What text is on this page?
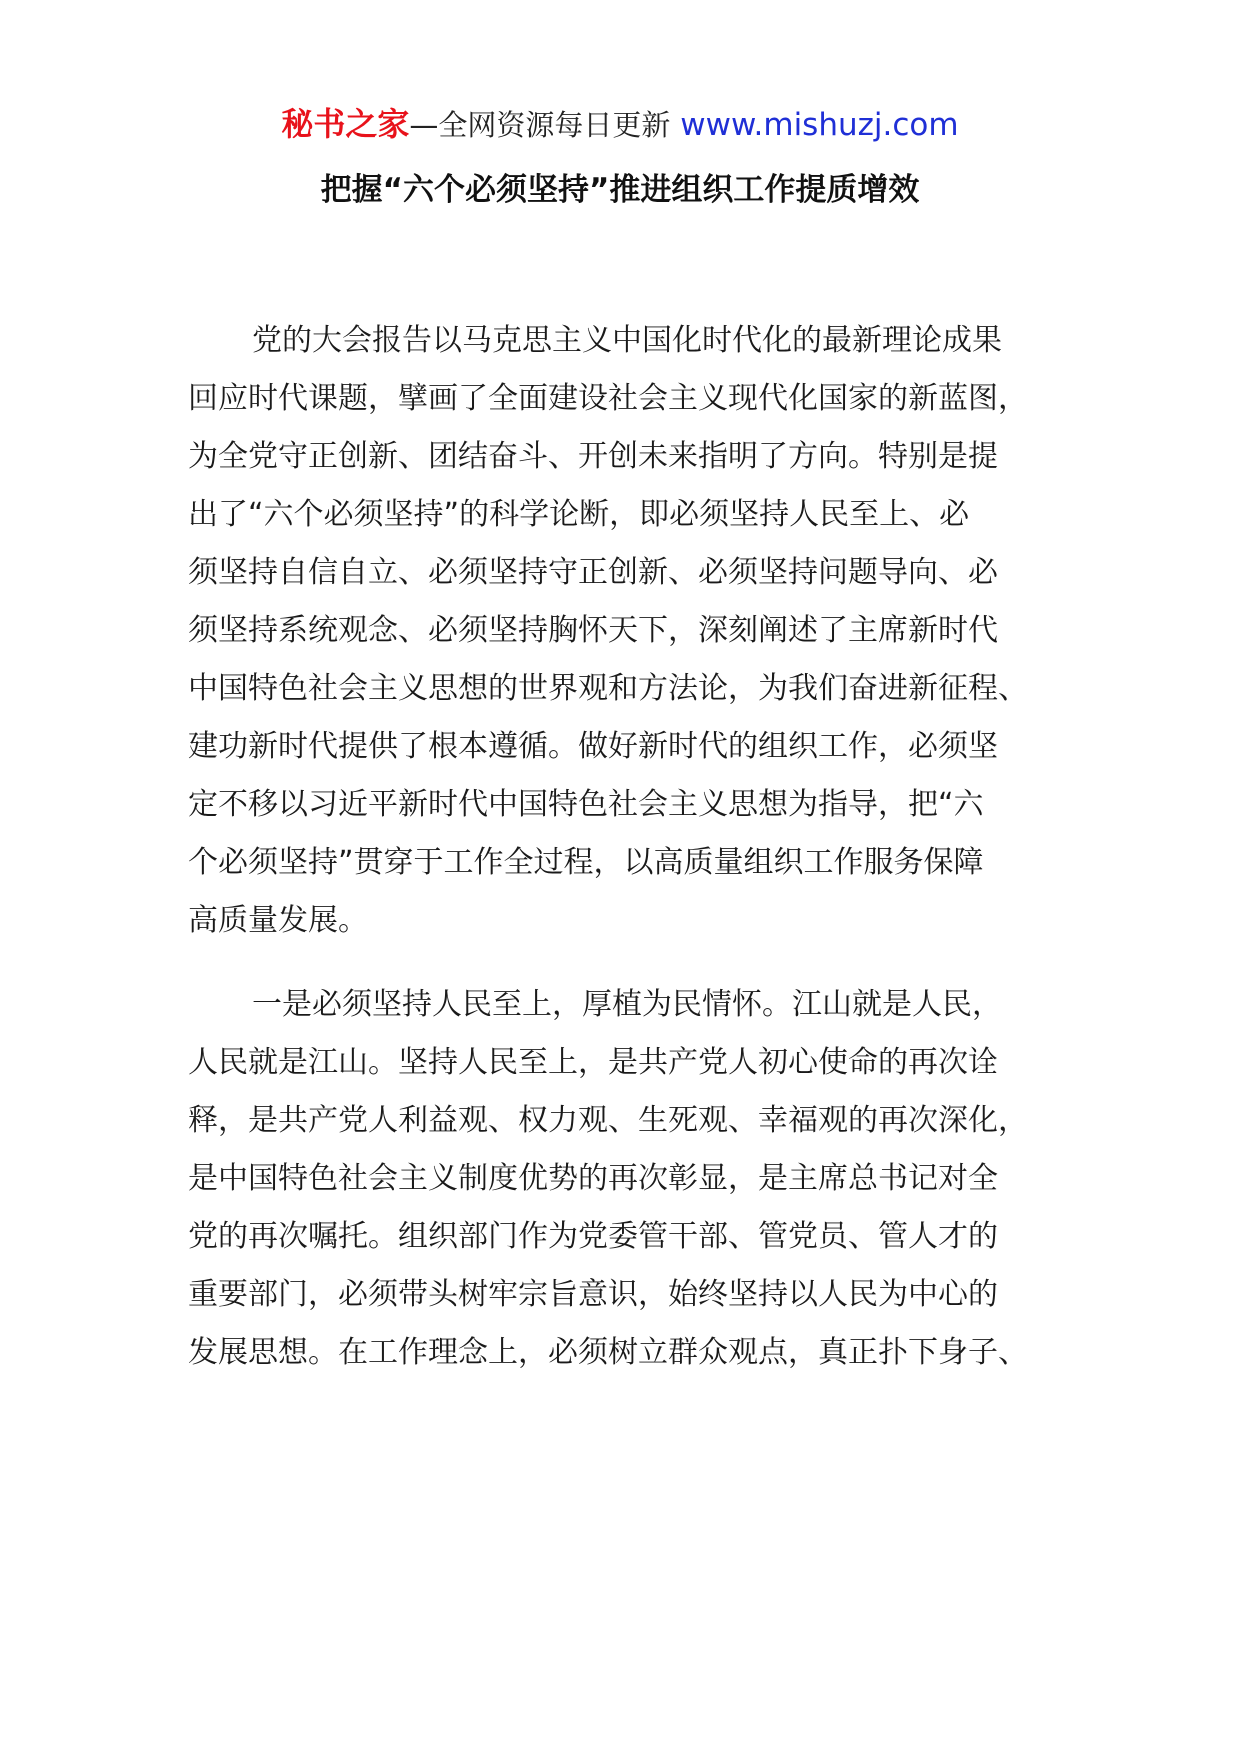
秘书之家—全网资源每日更新 www.mishuzj.com
把握“六个必须坚持”推进组织工作提质增效
党的大会报告以马克思主义中国化时代化的最新理论成果
回应时代课题，擘画了全面建设社会主义现代化国家的新蓝图，
为全党守正创新、团结奋斗、开创未来指明了方向。特别是提
出了“六个必须坚持”的科学论断，即必须坚持人民至上、必
须坚持自信自立、必须坚持守正创新、必须坚持问题导向、必
须坚持系统观念、必须坚持胸怀天下，深刻阐述了主席新时代
中国特色社会主义思想的世界观和方法论，为我们奋进新征程、
建功新时代提供了根本遵循。做好新时代的组织工作，必须坚
定不移以习近平新时代中国特色社会主义思想为指导，把“六
个必须坚持”贯穿于工作全过程，以高质量组织工作服务保障
高质量发展。
一是必须坚持人民至上，厚植为民情怀。江山就是人民，
人民就是江山。坚持人民至上，是共产党人初心使命的再次诠
释，是共产党人利益观、权力观、生死观、幸福观的再次深化，
是中国特色社会主义制度优势的再次彰显，是主席总书记对全
党的再次嘱托。组织部门作为党委管干部、管党员、管人才的
重要部门，必须带头树牢宗旨意识，始终坚持以人民为中心的
发展思想。在工作理念上，必须树立群众观点，真正扑下身子、
